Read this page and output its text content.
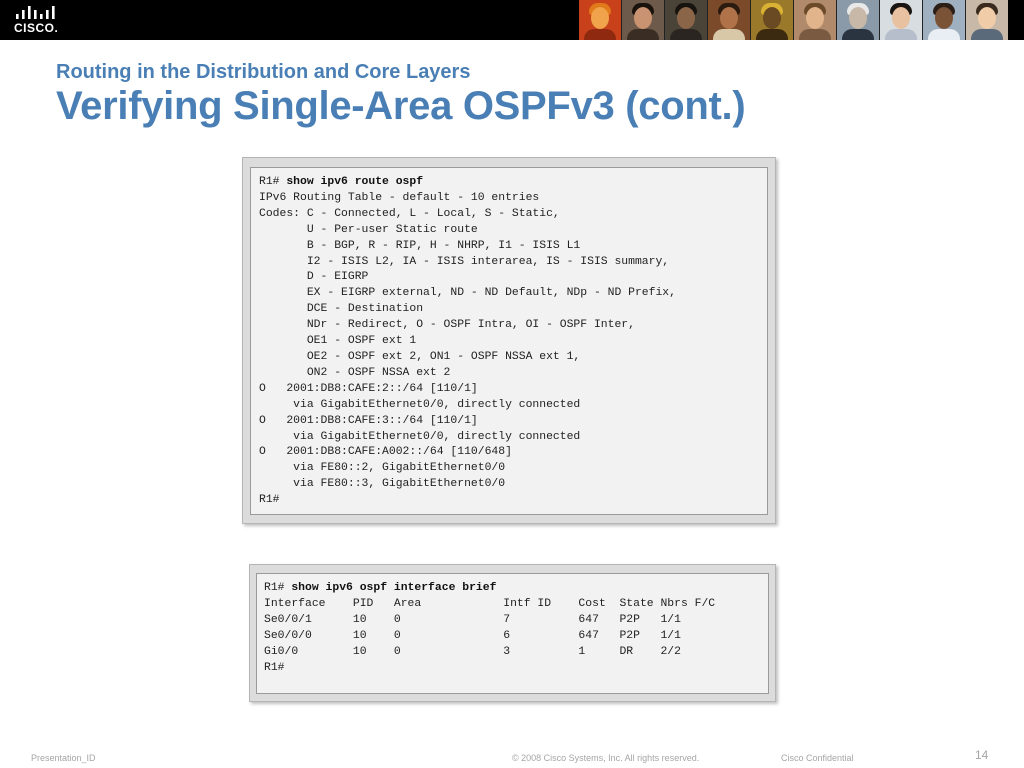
CISCO.
Routing in the Distribution and Core Layers
Verifying Single-Area OSPFv3 (cont.)
R1# show ipv6 route ospf
IPv6 Routing Table - default - 10 entries
Codes: C - Connected, L - Local, S - Static,
U - Per-user Static route
B - BGP, R - RIP, H - NHRP, I1 - ISIS L1
I2 - ISIS L2, IA - ISIS interarea, IS - ISIS summary,
D - EIGRP
EX - EIGRP external, ND - ND Default, NDp - ND Prefix,
DCE - Destination
NDr - Redirect, O - OSPF Intra, OI - OSPF Inter,
OE1 - OSPF ext 1
OE2 - OSPF ext 2, ON1 - OSPF NSSA ext 1,
ON2 - OSPF NSSA ext 2
O   2001:DB8:CAFE:2::/64 [110/1]
via GigabitEthernet0/0, directly connected
O   2001:DB8:CAFE:3::/64 [110/1]
via GigabitEthernet0/0, directly connected
O   2001:DB8:CAFE:A002::/64 [110/648]
via FE80::2, GigabitEthernet0/0
via FE80::3, GigabitEthernet0/0
R1#
R1# show ipv6 ospf interface brief
Interface    PID   Area            Intf ID    Cost  State Nbrs F/C
Se0/0/1      10    0               7          647   P2P   1/1
Se0/0/0      10    0               6          647   P2P   1/1
Gi0/0        10    0               3          1     DR    2/2
R1#
Presentation_ID	© 2008 Cisco Systems, Inc. All rights reserved.	Cisco Confidential	14
